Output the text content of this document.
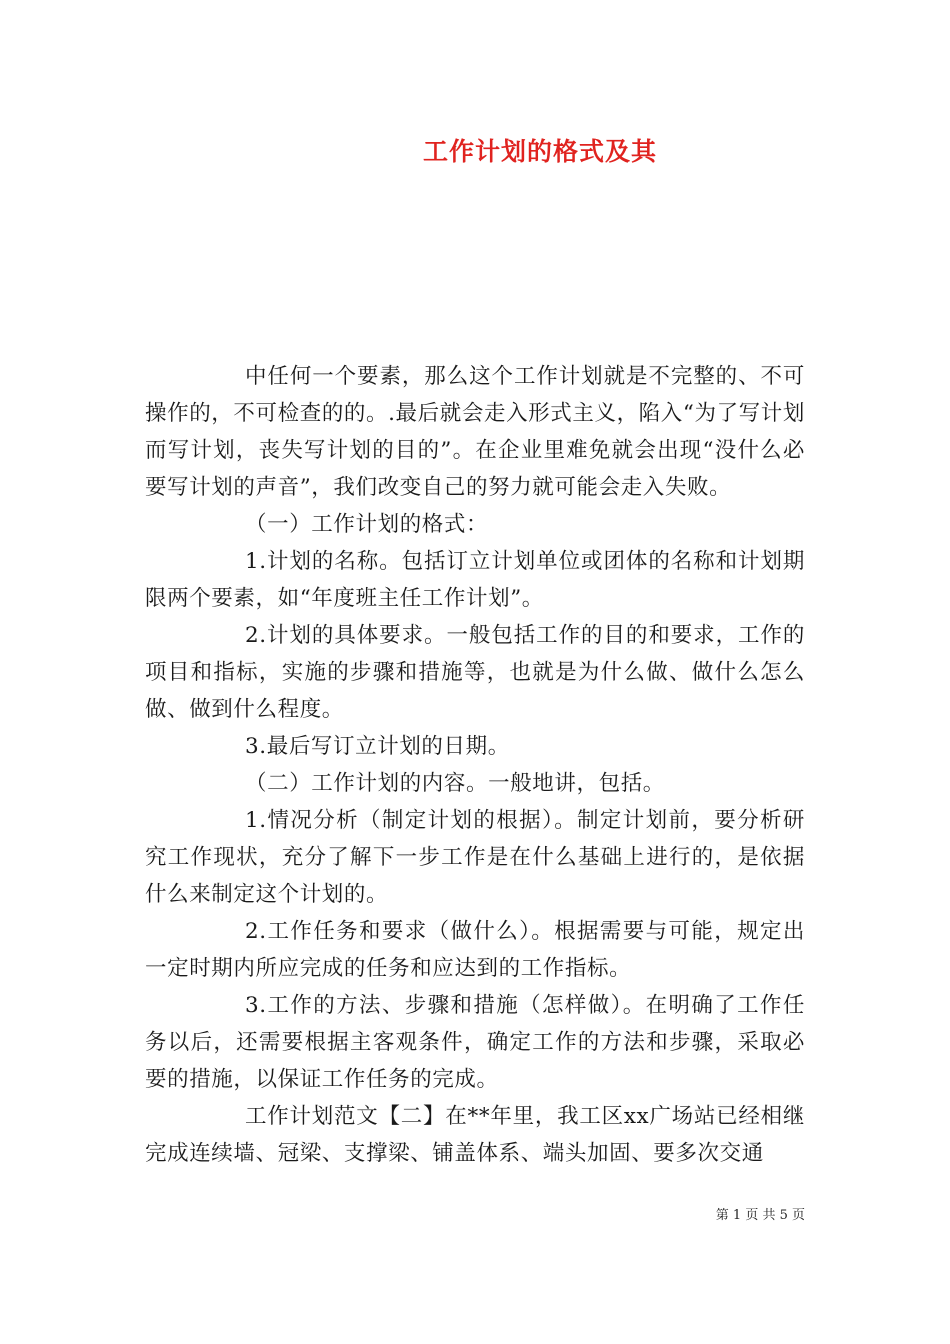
工作计划的格式及其

中任何一个要素，那么这个工作计划就是不完整的、不可操作的，不可检查的的。.最后就会走入形式主义，陷入“为了写计划而写计划，丧失写计划的目的”。在企业里难免就会出现“没什么必要写计划的声音”，我们改变自己的努力就可能会走入失败。

（一）工作计划的格式：

1.计划的名称。包括订立计划单位或团体的名称和计划期限两个要素，如“年度班主任工作计划”。

2.计划的具体要求。一般包括工作的目的和要求，工作的项目和指标，实施的步骤和措施等，也就是为什么做、做什么怎么做、做到什么程度。

3.最后写订立计划的日期。

（二）工作计划的内容。一般地讲，包括。

1.情况分析（制定计划的根据）。制定计划前，要分析研究工作现状，充分了解下一步工作是在什么基础上进行的，是依据什么来制定这个计划的。

2.工作任务和要求（做什么）。根据需要与可能，规定出一定时期内所应完成的任务和应达到的工作指标。

3.工作的方法、步骤和措施（怎样做）。在明确了工作任务以后，还需要根据主客观条件，确定工作的方法和步骤，采取必要的措施，以保证工作任务的完成。

工作计划范文【二】在**年里，我工区xx广场站已经相继完成连续墙、冠梁、支撑梁、铺盖体系、端头加固、要多次交通

第 1 页 共 5 页
